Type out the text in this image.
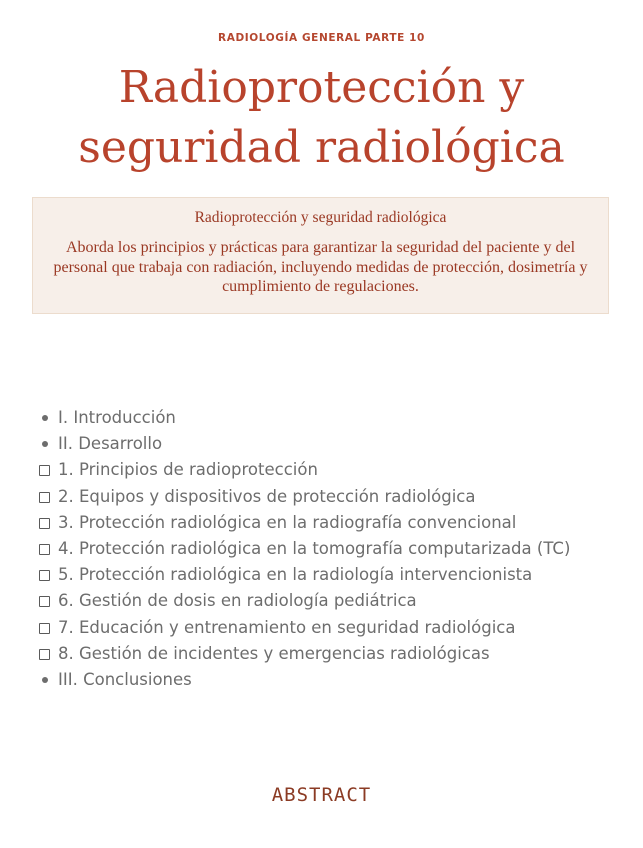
RADIOLOGÍA GENERAL PARTE 10
Radioprotección y
seguridad radiológica
Radioprotección y seguridad radiológica
Aborda los principios y prácticas para garantizar la seguridad del paciente y del personal que trabaja con radiación, incluyendo medidas de protección, dosimetría y cumplimiento de regulaciones.
I. Introducción
II. Desarrollo
1. Principios de radioprotección
2. Equipos y dispositivos de protección radiológica
3. Protección radiológica en la radiografía convencional
4. Protección radiológica en la tomografía computarizada (TC)
5. Protección radiológica en la radiología intervencionista
6. Gestión de dosis en radiología pediátrica
7. Educación y entrenamiento en seguridad radiológica
8. Gestión de incidentes y emergencias radiológicas
III. Conclusiones
ABSTRACT
